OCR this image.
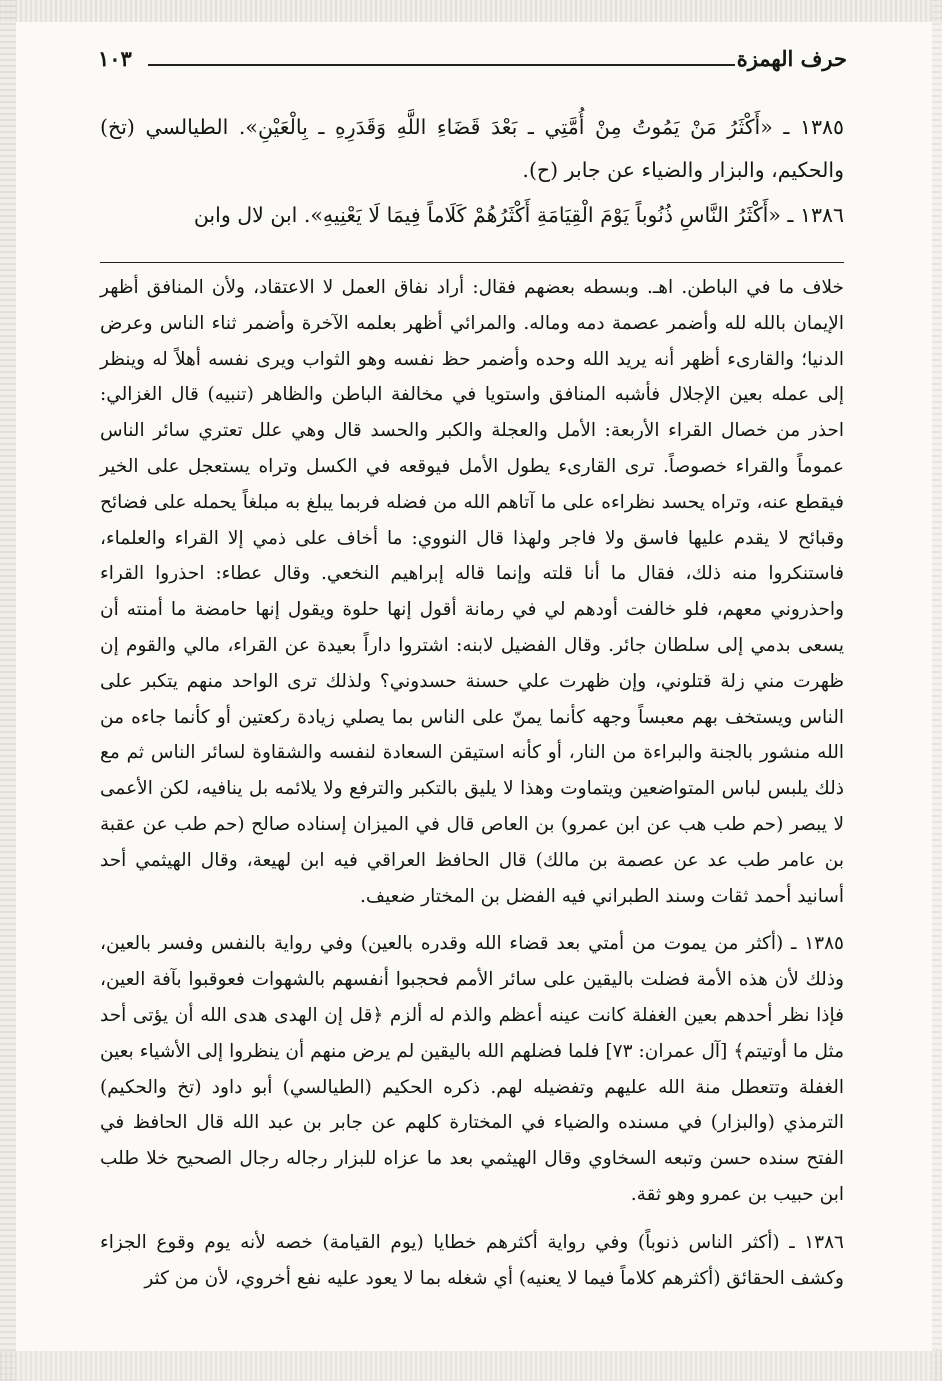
حرف الهمزة
١٠٣

١٣٨٥ ـ «أَكْثَرُ مَنْ يَمُوتُ مِنْ أُمَّتِي ـ بَعْدَ قَضَاءِ اللَّهِ وَقَدَرِهِ ـ بِالْعَيْنِ». الطيالسي (تخ) والحكيم، والبزار والضياء عن جابر (ح).

١٣٨٦ ـ «أَكْثَرُ النَّاسِ ذُنُوباً يَوْمَ الْقِيَامَةِ أَكْثَرُهُمْ كَلَاماً فِيمَا لَا يَعْنِيهِ». ابن لال وابن

خلاف ما في الباطن. اهـ. وبسطه بعضهم فقال: أراد نفاق العمل لا الاعتقاد، ولأن المنافق أظهر الإيمان بالله لله وأضمر عصمة دمه وماله. والمرائي أظهر بعلمه الآخرة وأضمر ثناء الناس وعرض الدنيا؛ والقارىء أظهر أنه يريد الله وحده وأضمر حظ نفسه وهو الثواب ويرى نفسه أهلاً له وينظر إلى عمله بعين الإجلال فأشبه المنافق واستويا في مخالفة الباطن والظاهر (تنبيه) قال الغزالي: احذر من خصال القراء الأربعة: الأمل والعجلة والكبر والحسد قال وهي علل تعتري سائر الناس عموماً والقراء خصوصاً. ترى القارىء يطول الأمل فيوقعه في الكسل وتراه يستعجل على الخير فيقطع عنه، وتراه يحسد نظراءه على ما آتاهم الله من فضله فربما يبلغ به مبلغاً يحمله على فضائح وقبائح لا يقدم عليها فاسق ولا فاجر ولهذا قال النووي: ما أخاف على ذمي إلا القراء والعلماء، فاستنكروا منه ذلك، فقال ما أنا قلته وإنما قاله إبراهيم النخعي. وقال عطاء: احذروا القراء واحذروني معهم، فلو خالفت أودهم لي في رمانة أقول إنها حلوة ويقول إنها حامضة ما أمنته أن يسعى بدمي إلى سلطان جائر. وقال الفضيل لابنه: اشتروا داراً بعيدة عن القراء، مالي والقوم إن ظهرت مني زلة قتلوني، وإن ظهرت علي حسنة حسدوني؟ ولذلك ترى الواحد منهم يتكبر على الناس ويستخف بهم معبساً وجهه كأنما يمنّ على الناس بما يصلي زيادة ركعتين أو كأنما جاءه من الله منشور بالجنة والبراءة من النار، أو كأنه استيقن السعادة لنفسه والشقاوة لسائر الناس ثم مع ذلك يلبس لباس المتواضعين ويتماوت وهذا لا يليق بالتكبر والترفع ولا يلائمه بل ينافيه، لكن الأعمى لا يبصر (حم طب هب عن ابن عمرو) بن العاص قال في الميزان إسناده صالح (حم طب عن عقبة بن عامر طب عد عن عصمة بن مالك) قال الحافظ العراقي فيه ابن لهيعة، وقال الهيثمي أحد أسانيد أحمد ثقات وسند الطبراني فيه الفضل بن المختار ضعيف.

١٣٨٥ ـ (أكثر من يموت من أمتي بعد قضاء الله وقدره بالعين) وفي رواية بالنفس وفسر بالعين، وذلك لأن هذه الأمة فضلت باليقين على سائر الأمم فحجبوا أنفسهم بالشهوات فعوقبوا بآفة العين، فإذا نظر أحدهم بعين الغفلة كانت عينه أعظم والذم له ألزم ﴿قل إن الهدى هدى الله أن يؤتى أحد مثل ما أوتيتم﴾ [آل عمران: ٧٣] فلما فضلهم الله باليقين لم يرض منهم أن ينظروا إلى الأشياء بعين الغفلة وتتعطل منة الله عليهم وتفضيله لهم. ذكره الحكيم (الطيالسي) أبو داود (تخ والحكيم) الترمذي (والبزار) في مسنده والضياء في المختارة كلهم عن جابر بن عبد الله قال الحافظ في الفتح سنده حسن وتبعه السخاوي وقال الهيثمي بعد ما عزاه للبزار رجاله رجال الصحيح خلا طلب ابن حبيب بن عمرو وهو ثقة.

١٣٨٦ ـ (أكثر الناس ذنوباً) وفي رواية أكثرهم خطايا (يوم القيامة) خصه لأنه يوم وقوع الجزاء وكشف الحقائق (أكثرهم كلاماً فيما لا يعنيه) أي شغله بما لا يعود عليه نفع أخروي، لأن من كثر
